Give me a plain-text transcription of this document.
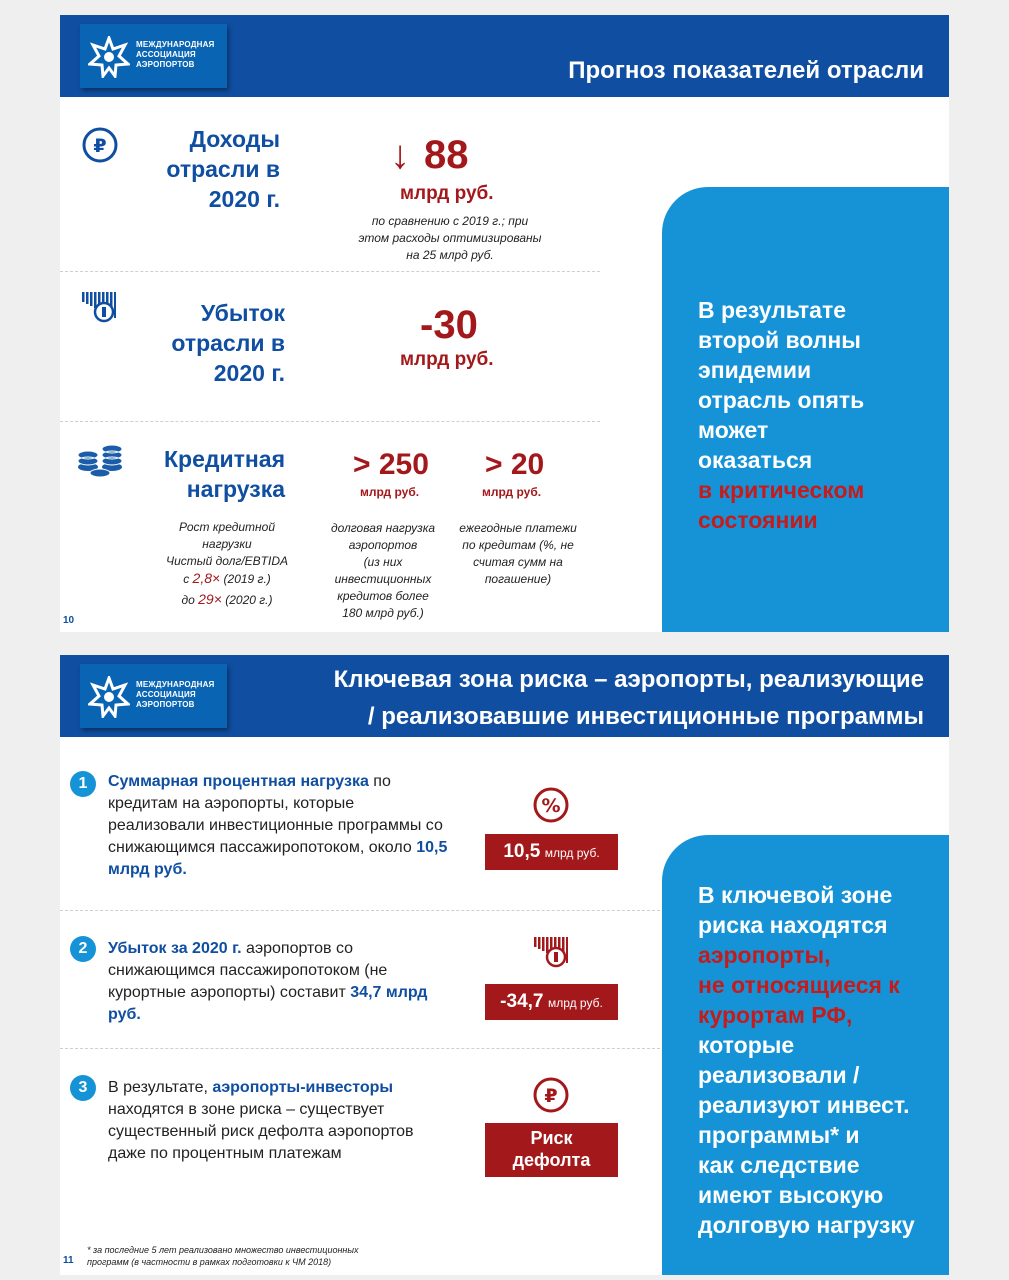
МЕЖДУНАРОДНАЯ
АССОЦИАЦИЯ
АЭРОПОРТОВ	Прогноз показателей отрасли
₽	Доходы
отрасли в
2020 г.
↓ 88
млрд руб.
по сравнению с 2019 г.; при
этом расходы оптимизированы
на 25 млрд руб.
Убыток
отрасли в
2020 г.
-30
млрд руб.
Кредитная
нагрузка
Рост кредитной
нагрузки
Чистый долг/EBTIDA
с 2,8× (2019 г.)
до 29× (2020 г.)
> 250
млрд руб.
долговая нагрузка
аэропортов
(из них
инвестиционных
кредитов более
180 млрд руб.)
> 20
млрд руб.
ежегодные платежи
по кредитам (%, не
считая сумм на
погашение)
10
В результате
второй волны
эпидемии
отрасль опять
может
оказаться
в критическом
состоянии
МЕЖДУНАРОДНАЯ
АССОЦИАЦИЯ
АЭРОПОРТОВ
Ключевая зона риска – аэропорты, реализующие
/ реализовавшие инвестиционные программы
1	Суммарная процентная нагрузка по кредитам на аэропорты, которые реализовали инвестиционные программы со снижающимся пассажиропотоком, около 10,5 млрд руб.
%
10,5 млрд руб.
2	Убыток за 2020 г. аэропортов со снижающимся пассажиропотоком (не курортные аэропорты) составит 34,7 млрд руб.
-34,7 млрд руб.
3	В результате, аэропорты-инвесторы находятся в зоне риска – существует существенный риск дефолта аэропортов даже по процентным платежам
₽
Риск
дефолта
* за последние 5 лет реализовано множество инвестиционных
программ (в частности в рамках подготовки к ЧМ 2018)
11
В ключевой зоне
риска находятся
аэропорты,
не относящиеся к
курортам РФ,
которые
реализовали /
реализуют инвест.
программы* и
как следствие
имеют высокую
долговую нагрузку
